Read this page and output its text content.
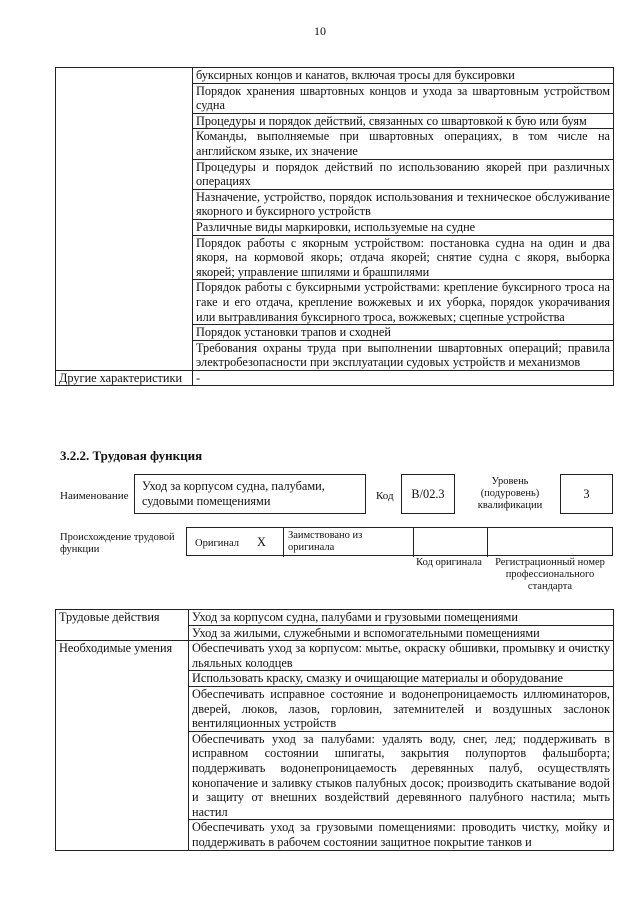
10
	буксирных концов и канатов, включая тросы для буксировки
	Порядок хранения швартовных концов и ухода за швартовным устройством судна
	Процедуры и порядок действий, связанных со швартовкой к бую или буям
	Команды, выполняемые при швартовных операциях, в том числе на английском языке, их значение
	Процедуры и порядок действий по использованию якорей при различных операциях
	Назначение, устройство, порядок использования и техническое обслуживание якорного и буксирного устройств
	Различные виды маркировки, используемые на судне
	Порядок работы с якорным устройством: постановка судна на один и два якоря, на кормовой якорь; отдача якорей; снятие судна с якоря, выборка якорей; управление шпилями и брашпилями
	Порядок работы с буксирными устройствами: крепление буксирного троса на гаке и его отдача, крепление вожжевых и их уборка, порядок укорачивания или вытравливания буксирного троса, вожжевых; сцепные устройства
	Порядок установки трапов и сходней
	Требования охраны труда при выполнении швартовных операций; правила электробезопасности при эксплуатации судовых устройств и механизмов
Другие характеристики	-
3.2.2. Трудовая функция
Наименование
Уход за корпусом судна, палубами, судовыми помещениями	Код	B/02.3
Уровень (подуровень) квалификации
3
Происхождение трудовой функции
Оригинал X Заимствовано из оригинала
Код оригинала	Регистрационный номер профессионального стандарта
Трудовые действия	Уход за корпусом судна, палубами и грузовыми помещениями
	Уход за жилыми, служебными и вспомогательными помещениями
Необходимые умения	Обеспечивать уход за корпусом: мытье, окраску обшивки, промывку и очистку льяльных колодцев
	Использовать краску, смазку и очищающие материалы и оборудование
	Обеспечивать исправное состояние и водонепроницаемость иллюминаторов, дверей, люков, лазов, горловин, затемнителей и воздушных заслонок вентиляционных устройств
	Обеспечивать уход за палубами: удалять воду, снег, лед; поддерживать в исправном состоянии шпигаты, закрытия полупортов фальшборта; поддерживать водонепроницаемость деревянных палуб, осуществлять конопачение и заливку стыков палубных досок; производить скатывание водой и защиту от внешних воздействий деревянного палубного настила; мыть настил
	Обеспечивать уход за грузовыми помещениями: проводить чистку, мойку и поддерживать в рабочем состоянии защитное покрытие танков и
